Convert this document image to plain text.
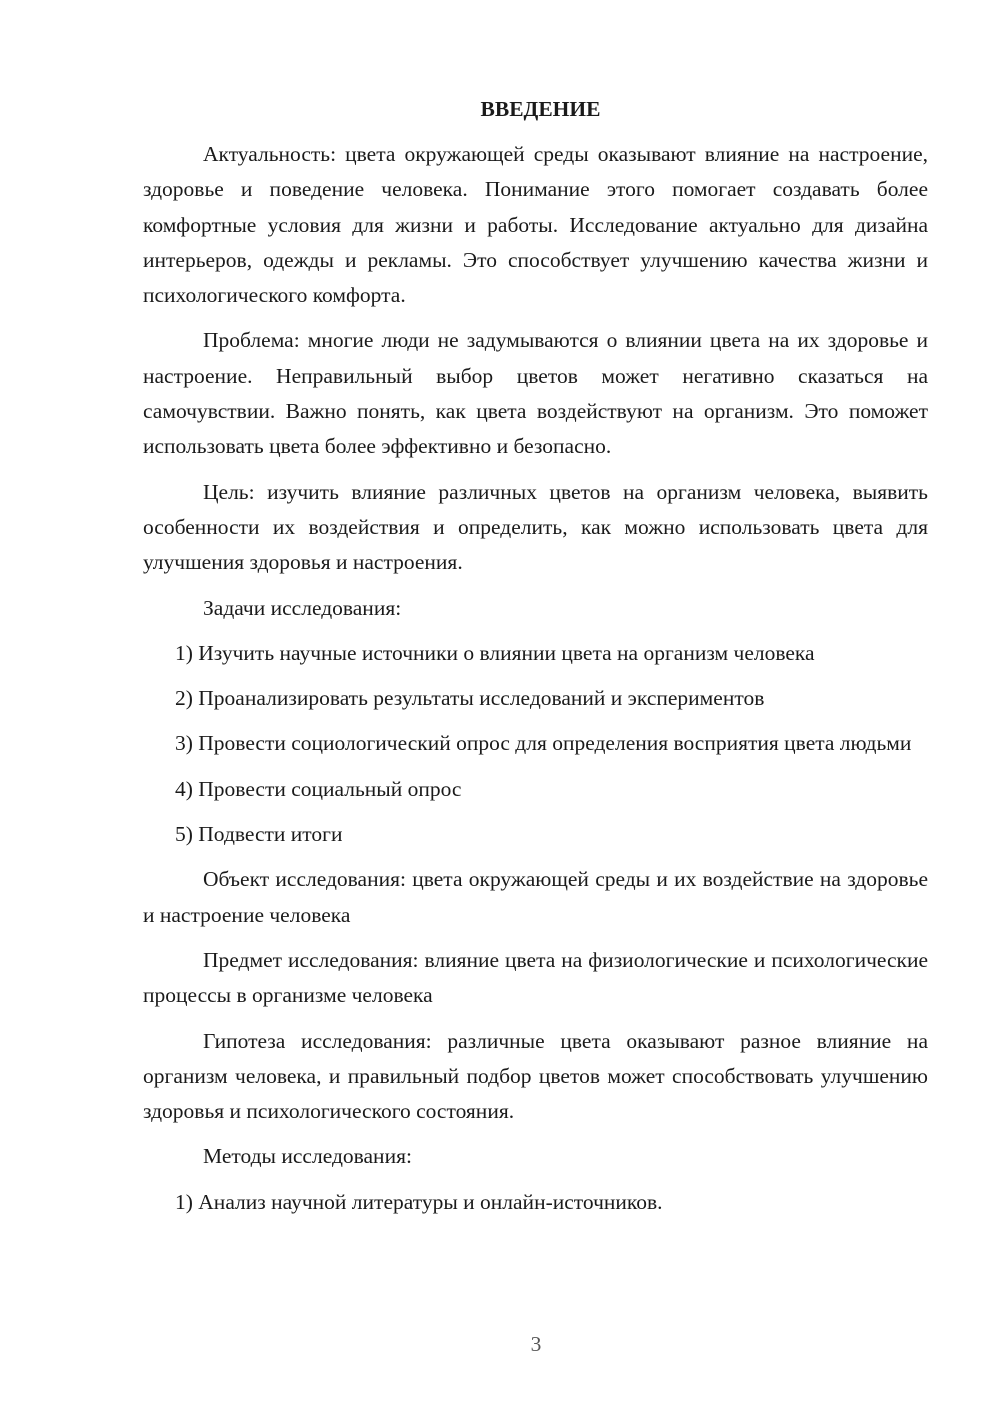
ВВЕДЕНИЕ

Актуальность: цвета окружающей среды оказывают влияние на настроение, здоровье и поведение человека. Понимание этого помогает создавать более комфортные условия для жизни и работы. Исследование актуально для дизайна интерьеров, одежды и рекламы. Это способствует улучшению качества жизни и психологического комфорта.

Проблема: многие люди не задумываются о влиянии цвета на их здоровье и настроение. Неправильный выбор цветов может негативно сказаться на самочувствии. Важно понять, как цвета воздействуют на организм. Это поможет использовать цвета более эффективно и безопасно.

Цель: изучить влияние различных цветов на организм человека, выявить особенности их воздействия и определить, как можно использовать цвета для улучшения здоровья и настроения.

Задачи исследования:

1) Изучить научные источники о влиянии цвета на организм человека

2) Проанализировать результаты исследований и экспериментов

3) Провести социологический опрос для определения восприятия цвета людьми

4) Провести социальный опрос

5) Подвести итоги

Объект исследования: цвета окружающей среды и их воздействие на здоровье и настроение человека

Предмет исследования: влияние цвета на физиологические и психологические процессы в организме человека

Гипотеза исследования: различные цвета оказывают разное влияние на организм человека, и правильный подбор цветов может способствовать улучшению здоровья и психологического состояния.

Методы исследования:

1) Анализ научной литературы и онлайн-источников.

3
